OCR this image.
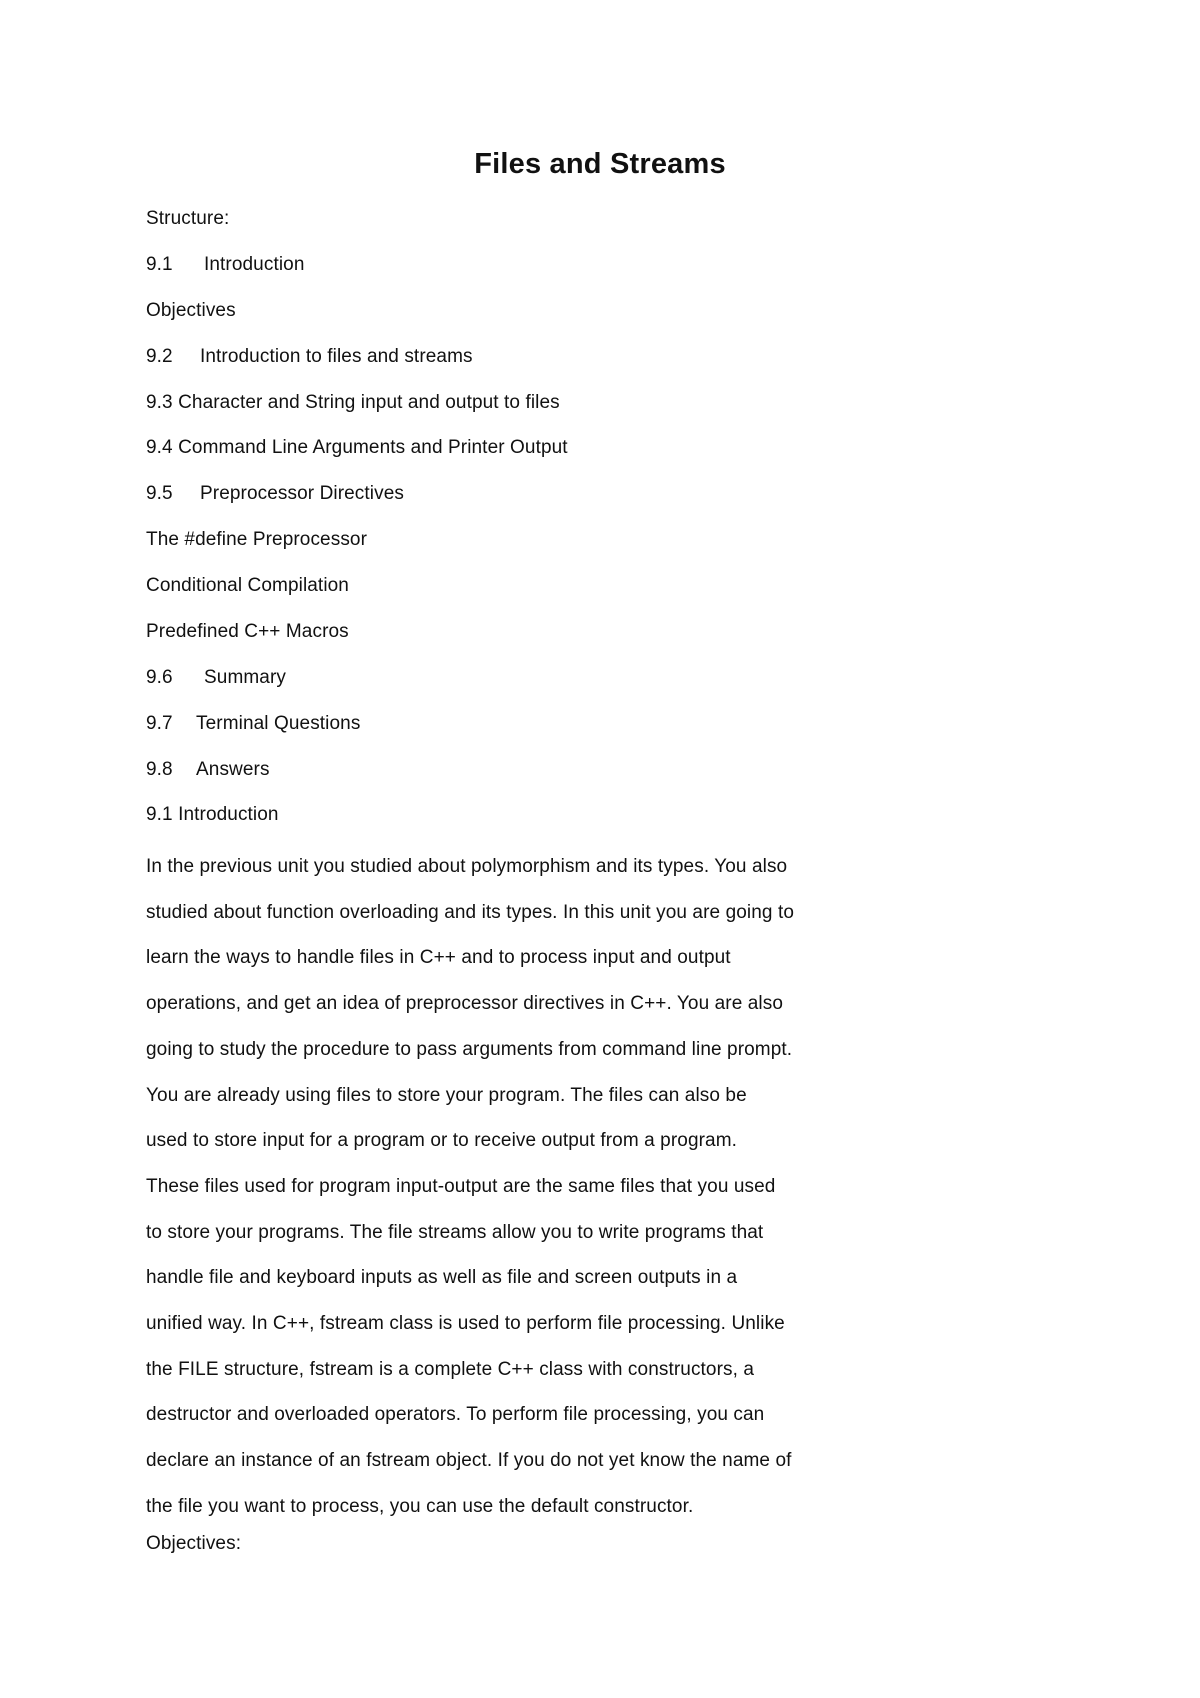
Files and Streams

Structure:

9.1 Introduction

Objectives

9.2 Introduction to files and streams

9.3 Character and String input and output to files

9.4 Command Line Arguments and Printer Output

9.5 Preprocessor Directives

The #define Preprocessor

Conditional Compilation

Predefined C++ Macros

9.6 Summary

9.7 Terminal Questions

9.8 Answers

9.1 Introduction

In the previous unit you studied about polymorphism and its types. You also
studied about function overloading and its types. In this unit you are going to
learn the ways to handle files in C++ and to process input and output
operations, and get an idea of preprocessor directives in C++. You are also
going to study the procedure to pass arguments from command line prompt.
You are already using files to store your program. The files can also be
used to store input for a program or to receive output from a program.
These files used for program input-output are the same files that you used
to store your programs. The file streams allow you to write programs that
handle file and keyboard inputs as well as file and screen outputs in a
unified way. In C++, fstream class is used to perform file processing. Unlike
the FILE structure, fstream is a complete C++ class with constructors, a
destructor and overloaded operators. To perform file processing, you can
declare an instance of an fstream object. If you do not yet know the name of
the file you want to process, you can use the default constructor.

Objectives:
